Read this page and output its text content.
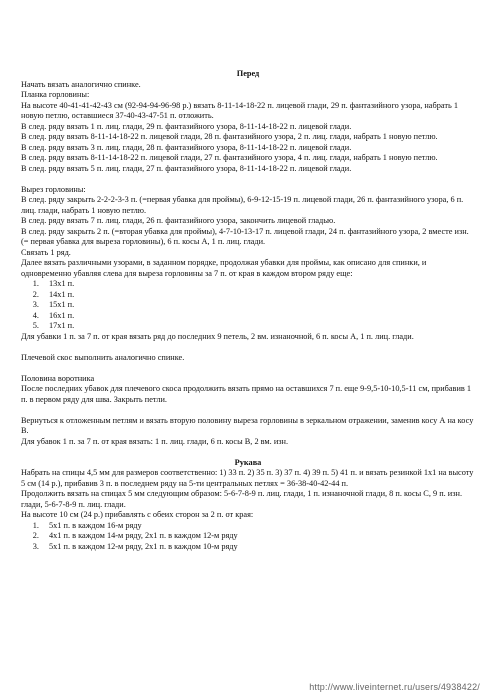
Перед

Начать вязать аналогично спинке.

Планка горловины:

На высоте 40-41-41-42-43 см (92-94-94-96-98 р.) вязать 8-11-14-18-22 п. лицевой глади, 29 п. фантазийного узора, набрать 1 новую петлю, оставшиеся 37-40-43-47-51 п. отложить.

В след. ряду вязать 1 п. лиц. глади, 29 п. фантазийного узора, 8-11-14-18-22 п. лицевой глади.

В след. ряду вязать 8-11-14-18-22 п. лицевой глади, 28 п. фантазийного узора, 2 п. лиц. глади, набрать 1 новую петлю.

В след. ряду вязать 3 п. лиц. глади, 28 п. фантазийного узора, 8-11-14-18-22 п. лицевой глади.

В след. ряду вязать 8-11-14-18-22 п. лицевой глади, 27 п. фантазийного узора, 4 п. лиц. глади, набрать 1 новую петлю.

В след. ряду вязать 5 п. лиц. глади, 27 п. фантазийного узора, 8-11-14-18-22 п. лицевой глади.

Вырез горловины:

В след. ряду закрыть 2-2-2-3-3 п. (=первая убавка для проймы), 6-9-12-15-19 п. лицевой глади, 26 п. фантазийного узора, 6 п. лиц. глади, набрать 1 новую петлю.

В след. ряду вязать 7 п. лиц. глади, 26 п. фантазийного узора, закончить лицевой гладью.

В след. ряду закрыть 2 п. (=вторая убавка для проймы), 4-7-10-13-17 п. лицевой глади, 24 п. фантазийного узора, 2 вместе изн. (= первая убавка для выреза горловины), 6 п. косы А, 1 п. лиц. глади.

Связать 1 ряд.

Далее вязать различными узорами, в заданном порядке, продолжая убавки для проймы, как описано для спинки, и одновременно убавляя слева для выреза горловины за 7 п. от края в каждом втором ряду еще:

1. 13х1 п.
2. 14х1 п.
3. 15х1 п.
4. 16х1 п.
5. 17х1 п.

Для убавки 1 п. за 7 п. от края вязать ряд до последних 9 петель, 2 вм. изнаночной, 6 п. косы А, 1 п. лиц. глади.

Плечевой скос выполнить аналогично спинке.

Половина воротника

После последних убавок для плечевого скоса продолжить вязать прямо на оставшихся 7 п. еще 9-9,5-10-10,5-11 см, прибавив 1 п. в первом ряду для шва. Закрыть петли.

Вернуться к отложенным петлям и вязать вторую половину выреза горловины в зеркальном отражении, заменив косу А на косу В.

Для убавок 1 п. за 7 п. от края вязать: 1 п. лиц. глади, 6 п. косы В, 2 вм. изн.

Рукава

Набрать на спицы 4,5 мм для размеров соответственно: 1) 33 п. 2) 35 п. 3) 37 п. 4) 39 п. 5) 41 п. и вязать резинкой 1х1 на высоту 5 см (14 р.), прибавив 3 п. в последнем ряду на 5-ти центральных петлях = 36-38-40-42-44 п.

Продолжить вязать на спицах 5 мм следующим образом: 5-6-7-8-9 п. лиц. глади, 1 п. изнаночной глади, 8 п. косы С, 9 п. изн. глади, 5-6-7-8-9 п. лиц. глади.

На высоте 10 см (24 р.) прибавлять с обеих сторон за 2 п. от края:

1. 5х1 п. в каждом 16-м ряду
2. 4х1 п. в каждом 14-м ряду, 2х1 п. в каждом 12-м ряду
3. 5х1 п. в каждом 12-м ряду, 2х1 п. в каждом 10-м ряду
http://www.liveinternet.ru/users/4938422/
